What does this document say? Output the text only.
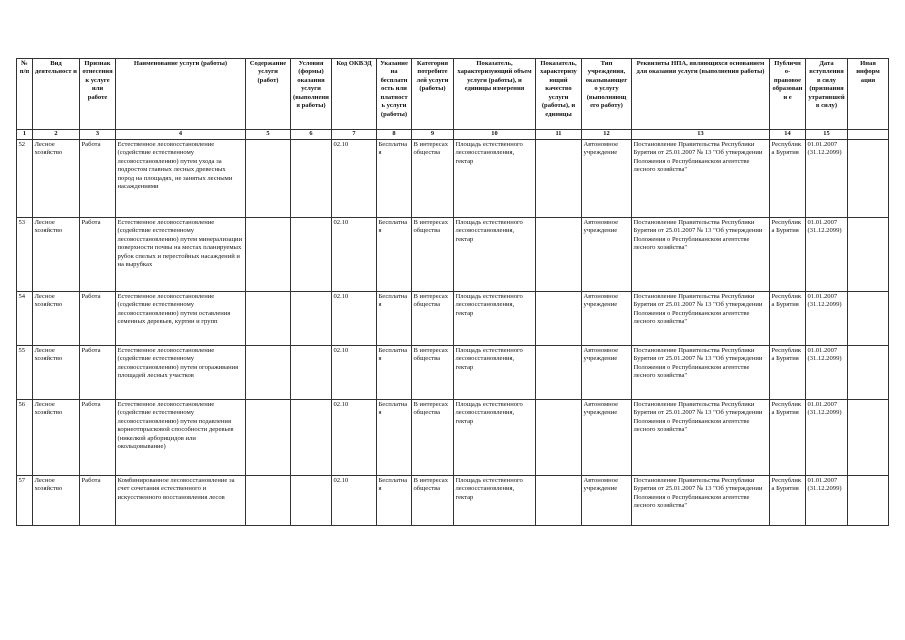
№ п/п	Вид деятельност и	Признак отнесения к услуге или работе	Наименование услуги (работы)	Содержание услуги (работ)	Условия (формы) оказания услуги (выполнения работы)	Код ОКВЭД	Указание на бесплатн ость или платност ь услуги (работы)	Категория потребите лей услуги (работы)	Показатель, характеризующий объем услуги (работы), и единицы измерения	Показатель, характеризу ющий качество услуги (работы), и единицы	Тип учреждения, оказывающег о услугу (выполняющ его работу)	Реквизиты НПА, являющихся основанием для оказания услуги (выполнения работы)	Публичн о-правовое образовани е	Дата вступления в силу (признания утратившей в силу)	Иная информ ация
1	2	3	4	5	6	7	8	9	10	11	12	13	14	15	
52	Лесное хозяйство	Работа	Естественное лесовосстановление (содействие естественному лесовосстановлению) путем ухода за подростом главных лесных древесных пород на площадях, не занятых лесными насаждениями			02.10	Бесплатна я	В интересах общества	Площадь естественного лесовосстановления, гектар		Автономное учреждение	Постановление Правительства Республики Бурятия от 25.01.2007 № 13 "Об утверждении Положения о Республиканском агентстве лесного хозяйства"	Республик а Бурятия	01.01.2007 (31.12.2099)	
53	Лесное хозяйство	Работа	Естественное лесовосстановление (содействие естественному лесовосстановлению) путем минерализации поверхности почвы на местах планируемых рубок спелых и перестойных насаждений и на вырубках			02.10	Бесплатна я	В интересах общества	Площадь естественного лесовосстановления, гектар		Автономное учреждение	Постановление Правительства Республики Бурятия от 25.01.2007 № 13 "Об утверждении Положения о Республиканском агентстве лесного хозяйства"	Республик а Бурятия	01.01.2007 (31.12.2099)	
54	Лесное хозяйство	Работа	Естественное лесовосстановление (содействие естественному лесовосстановлению) путем оставления семенных деревьев, куртин и групп			02.10	Бесплатна я	В интересах общества	Площадь естественного лесовосстановления, гектар		Автономное учреждение	Постановление Правительства Республики Бурятия от 25.01.2007 № 13 "Об утверждении Положения о Республиканском агентстве лесного хозяйства"	Республик а Бурятия	01.01.2007 (31.12.2099)	
55	Лесное хозяйство	Работа	Естественное лесовосстановление (содействие естественному лесовосстановлению) путем огораживания площадей лесных участков			02.10	Бесплатна я	В интересах общества	Площадь естественного лесовосстановления, гектар		Автономное учреждение	Постановление Правительства Республики Бурятия от 25.01.2007 № 13 "Об утверждении Положения о Республиканском агентстве лесного хозяйства"	Республик а Бурятия	01.01.2007 (31.12.2099)	
56	Лесное хозяйство	Работа	Естественное лесовосстановление (содействие естественному лесовосстановлению) путем подавления корнеотпрысковой способности деревьев (никелкой арборицидов или окольцовывание)			02.10	Бесплатна я	В интересах общества	Площадь естественного лесовосстановления, гектар		Автономное учреждение	Постановление Правительства Республики Бурятия от 25.01.2007 № 13 "Об утверждении Положения о Республиканском агентстве лесного хозяйства"	Республик а Бурятия	01.01.2007 (31.12.2099)	
57	Лесное хозяйство	Работа	Комбинированное лесовосстановление за счет сочетания естественного и искусственного восстановления лесов			02.10	Бесплатна я	В интересах общества	Площадь естественного лесовосстановления, гектар		Автономное учреждение	Постановление Правительства Республики Бурятия от 25.01.2007 № 13 "Об утверждении Положения о Республиканском агентстве лесного хозяйства"	Республик а Бурятия	01.01.2007 (31.12.2099)	
